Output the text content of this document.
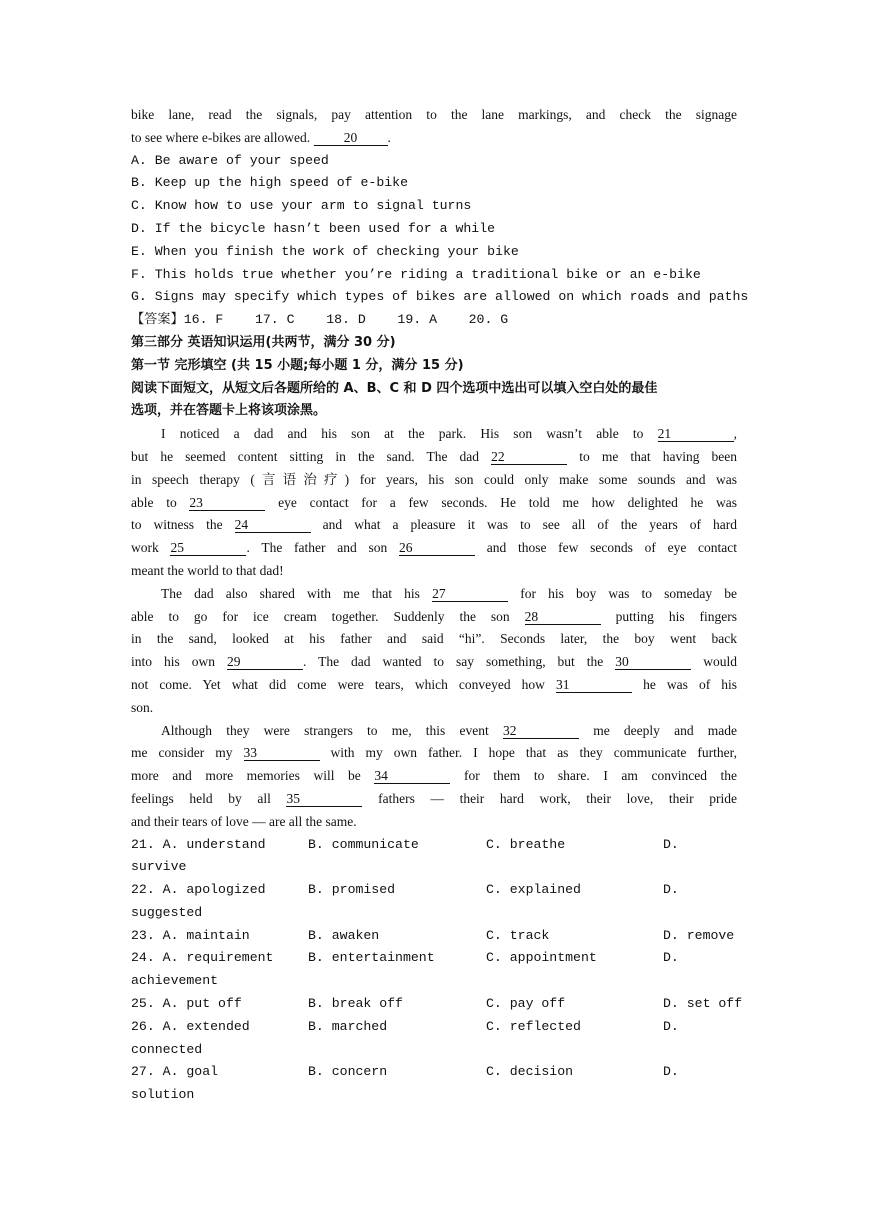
bike lane, read the signals, pay attention to the lane markings, and check the signage
to see where e-bikes are allowed. 20 .
A. Be aware of your speed
B. Keep up the high speed of e-bike
C. Know how to use your arm to signal turns
D. If the bicycle hasn’t been used for a while
E. When you finish the work of checking your bike
F. This holds true whether you’re riding a traditional bike or an e-bike
G. Signs may specify which types of bikes are allowed on which roads and paths
【答案】16. F    17. C    18. D    19. A    20. G
第三部分 英语知识运用(共两节，满分 30 分)
第一节 完形填空 (共 15 小题;每小题 1 分，满分 15 分)
阅读下面短文，从短文后各题所给的 A、B、C 和 D 四个选项中选出可以填入空白处的最佳
选项，并在答题卡上将该项涂黑。
I noticed a dad and his son at the park. His son wasn’t able to 21	,
but he seemed content sitting in the sand. The dad 22	to me that having been
in speech therapy (言语治疗) for years, his son could only make some sounds and was
able to 23	eye contact for a few seconds. He told me how delighted he was
to witness the 24	and what a pleasure it was to see all of the years of hard
work 25	. The father and son 26	and those few seconds of eye contact
meant the world to that dad!
The dad also shared with me that his 27	for his boy was to someday be
able to go for ice cream together. Suddenly the son 28	putting his fingers
in the sand, looked at his father and said “hi”. Seconds later, the boy went back
into his own 29	. The dad wanted to say something, but the 30	would
not come. Yet what did come were tears, which conveyed how 31	he was of his
son.
Although they were strangers to me, this event 32	me deeply and made
me consider my 33	with my own father. I hope that as they communicate further,
more and more memories will be 34	for them to share. I am convinced the
feelings held by all 35	fathers — their hard work, their love, their pride
and their tears of love — are all the same.
21. A. understand	B. communicate	C. breathe	D.
survive
22. A. apologized	B. promised	C. explained	D.
suggested
23. A. maintain	B. awaken	C. track	D. remove
24. A. requirement	B. entertainment	C. appointment	D.
achievement
25. A. put off	B. break off	C. pay off	D. set off
26. A. extended	B. marched	C. reflected	D.
connected
27. A. goal	B. concern	C. decision	D.
solution
